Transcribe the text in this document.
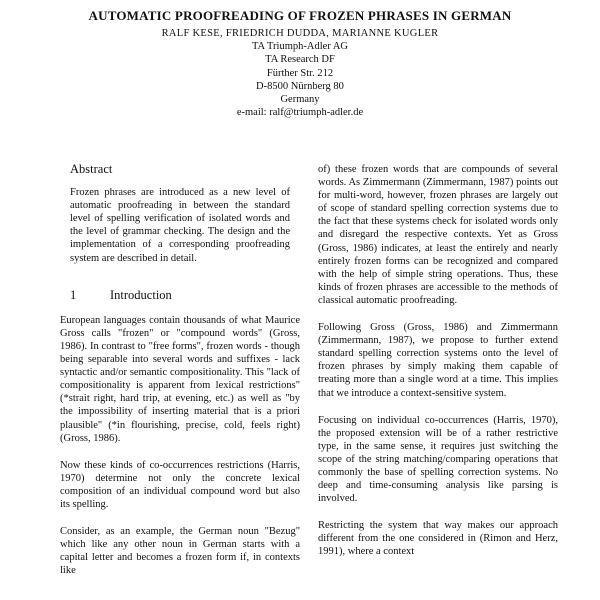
AUTOMATIC PROOFREADING OF FROZEN PHRASES IN GERMAN
RALF KESE, FRIEDRICH DUDDA, MARIANNE KUGLER
TA Triumph-Adler AG
TA Research DF
Fürther Str. 212
D-8500 Nürnberg 80
Germany
e-mail: ralf@triumph-adler.de
Abstract
Frozen phrases are introduced as a new level of automatic proofreading in between the standard level of spelling verification of isolated words and the level of grammar checking. The design and the implementation of a corresponding proofreading system are described in detail.
1	Introduction

European languages contain thousands of what Maurice Gross calls "frozen" or "compound words" (Gross, 1986). In contrast to "free forms", frozen words - though being separable into several words and suffixes - lack syntactic and/or semantic compositionality. This "lack of compositionality is apparent from lexical restrictions" (*strait right, hard trip, at evening, etc.) as well as "by the impossibility of inserting material that is a priori plausible" (*in flourishing, precise, cold, feels right) (Gross, 1986).

Now these kinds of co-occurrences restrictions (Harris, 1970) determine not only the concrete lexical composition of an individual compound word but also its spelling.

Consider, as an example, the German noun "Bezug" which like any other noun in German starts with a capital letter and becomes a frozen form if, in contexts like

of) these frozen words that are compounds of several words. As Zimmermann (Zimmermann, 1987) points out for multi-word, however, frozen phrases are largely out of scope of standard spelling correction systems due to the fact that these systems check for isolated words only and disregard the respective contexts. Yet as Gross (Gross, 1986) indicates, at least the entirely and nearly entirely frozen forms can be recognized and compared with the help of simple string operations. Thus, these kinds of frozen phrases are accessible to the methods of classical automatic proofreading.

Following Gross (Gross, 1986) and Zimmermann (Zimmermann, 1987), we propose to further extend standard spelling correction systems onto the level of frozen phrases by simply making them capable of treating more than a single word at a time. This implies that we introduce a context-sensitive system.

Focusing on individual co-occurrences (Harris, 1970), the proposed extension will be of a rather restrictive type, in the same sense, it requires just switching the scope of the string matching/comparing operations that commonly the base of spelling correction systems. No deep and time-consuming analysis like parsing is involved.

Restricting the system that way makes our approach different from the one considered in (Rimon and Herz, 1991), where a context
